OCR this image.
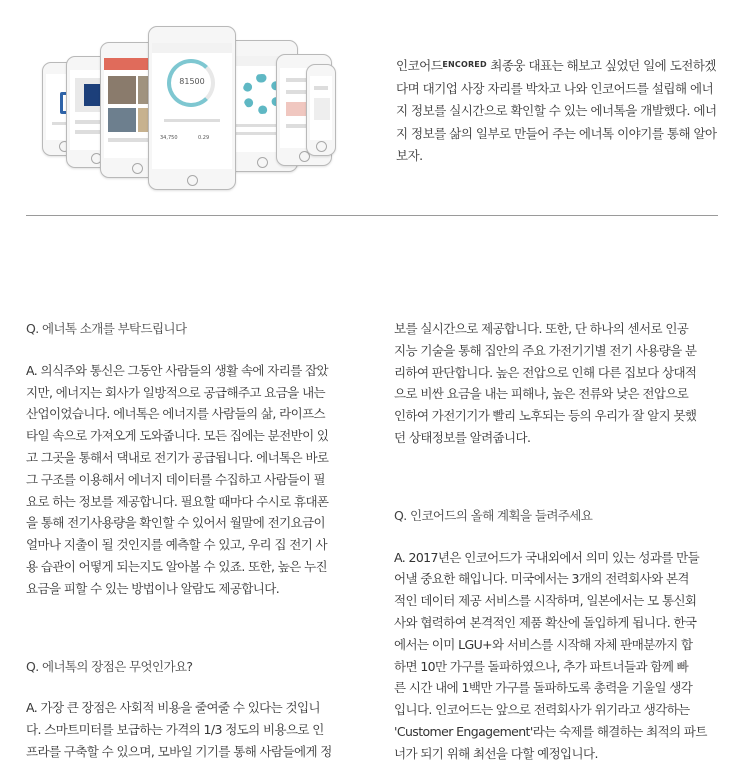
81500
34,750	0.29
인코어드$^{ENCORED}$ 최종웅 대표는 해보고 싶었던 일에 도전하겠다며 대기업 사장 자리를 박차고 나와 인코어드를 설립해 에너지 정보를 실시간으로 확인할 수 있는 에너톡을 개발했다. 에너지 정보를 삶의 일부로 만들어 주는 에너톡 이야기를 통해 알아보자.
Q. 에너톡 소개를 부탁드립니다
A. 의식주와 통신은 그동안 사람들의 생활 속에 자리를 잡았
지만, 에너지는 회사가 일방적으로 공급해주고 요금을 내는
산업이었습니다. 에너톡은 에너지를 사람들의 삶, 라이프스
타일 속으로 가져오게 도와줍니다. 모든 집에는 분전반이 있
고 그곳을 통해서 댁내로 전기가 공급됩니다. 에너톡은 바로
그 구조를 이용해서 에너지 데이터를 수집하고 사람들이 필
요로 하는 정보를 제공합니다. 필요할 때마다 수시로 휴대폰
을 통해 전기사용량을 확인할 수 있어서 월말에 전기요금이
얼마나 지출이 될 것인지를 예측할 수 있고, 우리 집 전기 사
용 습관이 어떻게 되는지도 알아볼 수 있죠. 또한, 높은 누진
요금을 피할 수 있는 방법이나 알람도 제공합니다.
Q. 에너톡의 장점은 무엇인가요?
A. 가장 큰 장점은 사회적 비용을 줄여줄 수 있다는 것입니
다. 스마트미터를 보급하는 가격의 1/3 정도의 비용으로 인
프라를 구축할 수 있으며, 모바일 기기를 통해 사람들에게 정
보를 실시간으로 제공합니다. 또한, 단 하나의 센서로 인공
지능 기술을 통해 집안의 주요 가전기기별 전기 사용량을 분
리하여 판단합니다. 높은 전압으로 인해 다른 집보다 상대적
으로 비싼 요금을 내는 피해나, 높은 전류와 낮은 전압으로
인하여 가전기기가 빨리 노후되는 등의 우리가 잘 알지 못했
던 상태정보를 알려줍니다.
Q. 인코어드의 올해 계획을 들려주세요
A. 2017년은 인코어드가 국내외에서 의미 있는 성과를 만들
어낼 중요한 해입니다. 미국에서는 3개의 전력회사와 본격
적인 데이터 제공 서비스를 시작하며, 일본에서는 모 통신회
사와 협력하여 본격적인 제품 확산에 돌입하게 됩니다. 한국
에서는 이미 LGU+와 서비스를 시작해 자체 판매분까지 합
하면 10만 가구를 돌파하였으나, 추가 파트너들과 함께 빠
른 시간 내에 1백만 가구를 돌파하도록 총력을 기울일 생각
입니다. 인코어드는 앞으로 전력회사가 위기라고 생각하는
'Customer Engagement'라는 숙제를 해결하는 최적의 파트
너가 되기 위해 최선을 다할 예정입니다.
